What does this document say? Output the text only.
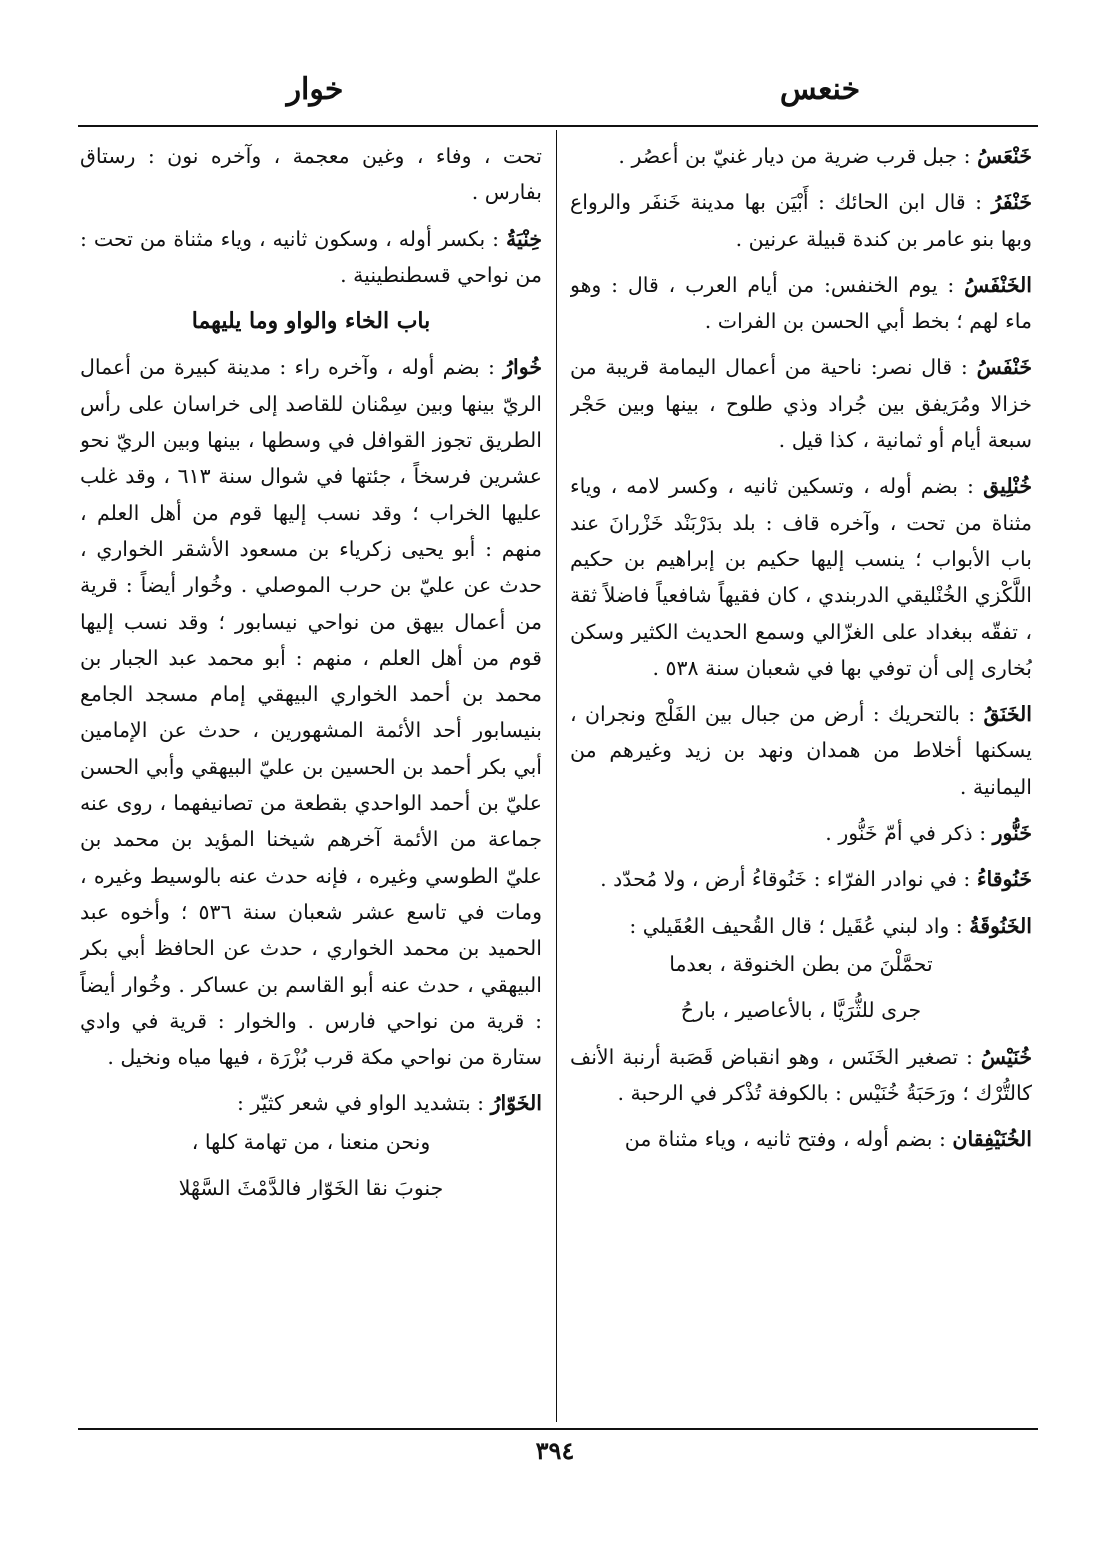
خنعس
خوار

خَنْعَسُ : جبل قرب ضرية من ديار غنيّ بن أعصُر .

خَنْفَرُ : قال ابن الحائك : أَبْيَن بها مدينة خَنفَر والرواع وبها بنو عامر بن كندة قبيلة عرنين .

الخَنْفَسُ : يوم الخنفس: من أيام العرب ، قال : وهو ماء لهم ؛ بخط أبي الحسن بن الفرات .

خَنْفَسُ : قال نصر: ناحية من أعمال اليمامة قريبة من خزالا ومُرَيفق بين جُراد وذي طلوح ، بينها وبين حَجْر سبعة أيام أو ثمانية ، كذا قيل .

خُنْلِيق : بضم أوله ، وتسكين ثانيه ، وكسر لامه ، وياء مثناة من تحت ، وآخره قاف : بلد بدَرْبَنْد خَزْرانَ عند باب الأبواب ؛ ينسب إليها حكيم بن إبراهيم بن حكيم اللَّكْزي الخُنْليقي الدربندي ، كان فقيهاً شافعياً فاضلاً ثقة ، تفقّه ببغداد على الغزّالي وسمع الحديث الكثير وسكن بُخارى إلى أن توفي بها في شعبان سنة ٥٣٨ .

الخَنَقُ : بالتحريك : أرض من جبال بين الفَلْج ونجران ، يسكنها أخلاط من همدان ونهد بن زيد وغيرهم من اليمانية .

خَنُّور : ذكر في أمّ خَنُّور .

خَنُوقاءُ : في نوادر الفرّاء : خَنُوقاءُ أرض ، ولا مُحدّد .

الخَنُوقَةُ : واد لبني عُقَيل ؛ قال القُحيف العُقَيلي :

تحمَّلْنَ من بطن الخنوقة ، بعدما

جرى للثُّرَيَّا ، بالأعاصير ، بارحُ

خُنَيْسُ : تصغير الخَنَس ، وهو انقباض قَصَبة أرنبة الأنف كالتُّرْك ؛ ورَحَبَةُ خُنَيْس : بالكوفة تُذْكر في الرحبة .

الخُنَيْفِقان : بضم أوله ، وفتح ثانيه ، وياء مثناة من

تحت ، وفاء ، وغين معجمة ، وآخره نون : رستاق بفارس .

خِنْيَةُ : بكسر أوله ، وسكون ثانيه ، وياء مثناة من تحت : من نواحي قسطنطينية .

باب الخاء والواو وما يليهما

خُوارُ : بضم أوله ، وآخره راء : مدينة كبيرة من أعمال الريّ بينها وبين سِمْنان للقاصد إلى خراسان على رأس الطريق تجوز القوافل في وسطها ، بينها وبين الريّ نحو عشرين فرسخاً ، جئتها في شوال سنة ٦١٣ ، وقد غلب عليها الخراب ؛ وقد نسب إليها قوم من أهل العلم ، منهم : أبو يحيى زكرياء بن مسعود الأشقر الخواري ، حدث عن عليّ بن حرب الموصلي . وخُوار أيضاً : قرية من أعمال بيهق من نواحي نيسابور ؛ وقد نسب إليها قوم من أهل العلم ، منهم : أبو محمد عبد الجبار بن محمد بن أحمد الخواري البيهقي إمام مسجد الجامع بنيسابور أحد الأئمة المشهورين ، حدث عن الإمامين أبي بكر أحمد بن الحسين بن عليّ البيهقي وأبي الحسن عليّ بن أحمد الواحدي بقطعة من تصانيفهما ، روى عنه جماعة من الأئمة آخرهم شيخنا المؤيد بن محمد بن عليّ الطوسي وغيره ، فإنه حدث عنه بالوسيط وغيره ، ومات في تاسع عشر شعبان سنة ٥٣٦ ؛ وأخوه عبد الحميد بن محمد الخواري ، حدث عن الحافظ أبي بكر البيهقي ، حدث عنه أبو القاسم بن عساكر . وخُوار أيضاً : قرية من نواحي فارس . والخوار : قرية في وادي ستارة من نواحي مكة قرب بُزْرَة ، فيها مياه ونخيل .

الخَوّارُ : بتشديد الواو في شعر كثيّر :

ونحن منعنا ، من تهامة كلها ،

جنوبَ نقا الخَوّار فالدَّمْثَ السَّهْلا

٣٩٤
